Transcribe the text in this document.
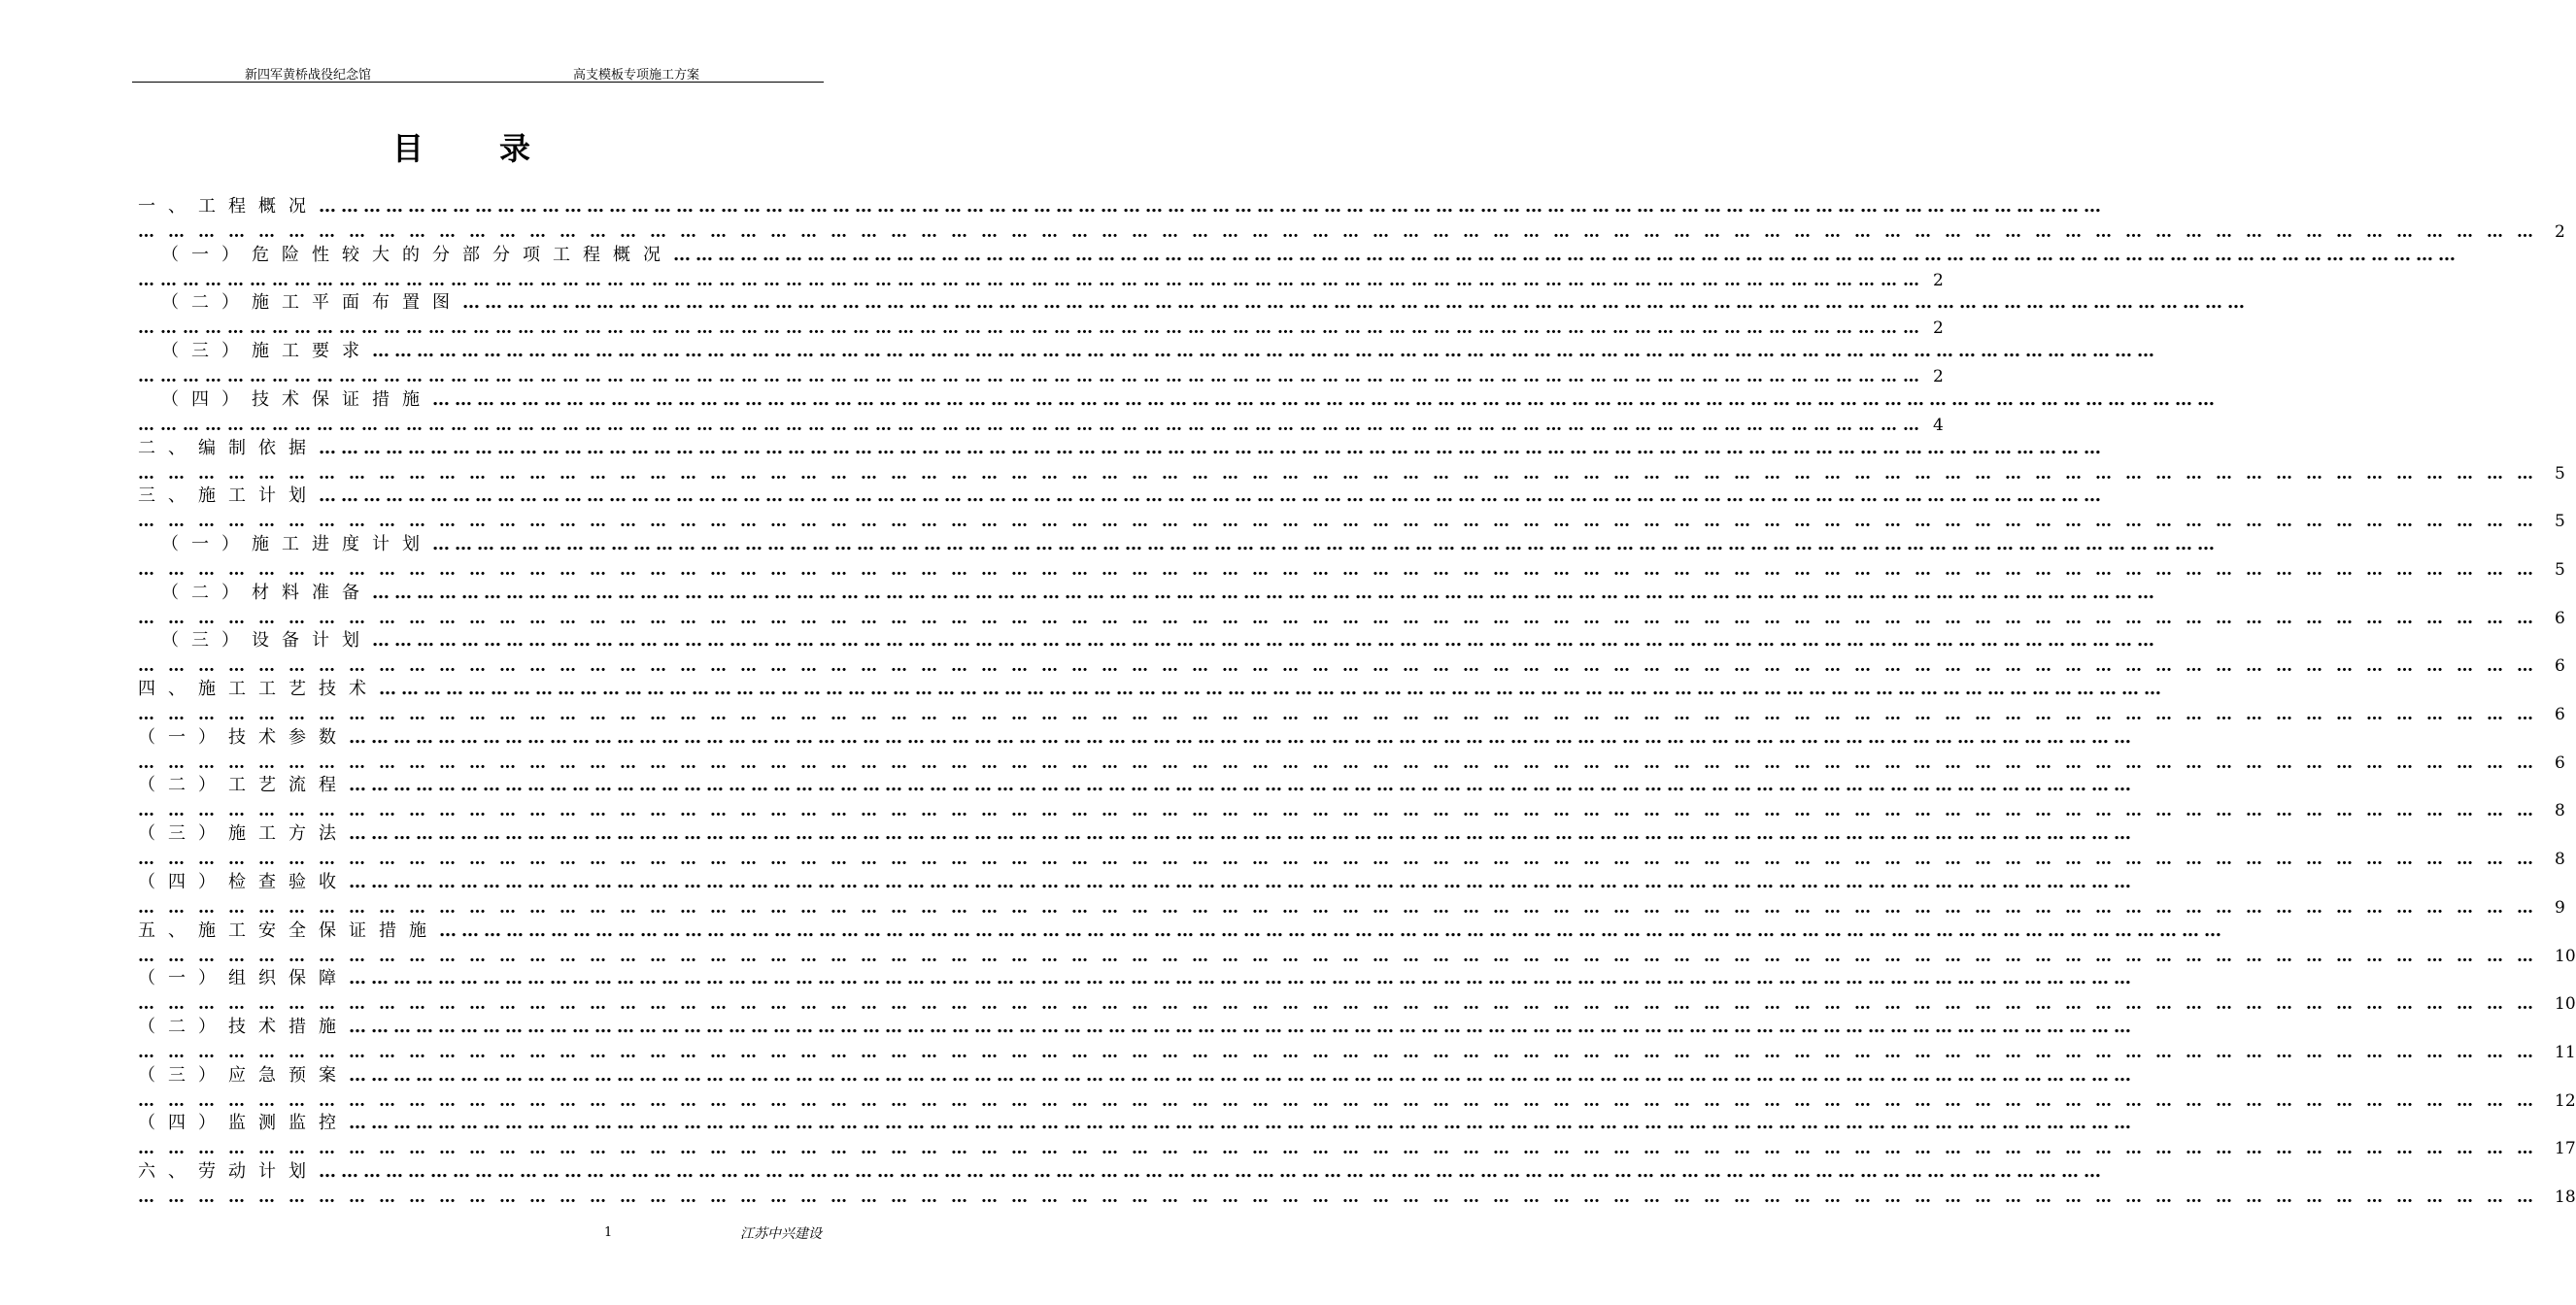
新四军黄桥战役纪念馆	高支模板专项施工方案
目录
一、工程概况 ……………………………………………………………………………………………………………………………………………………………………………………………………………………
…………………………………………………………………………………………………………………………………………………………………………………………………………………… 2
（一）危险性较大的分部分项工程概况 ……………………………………………………………………………………………………………………………………………………………………………………………………………………
…………………………………………………………………………………………………………………………………………………………………………………………………………………… 2
（二）施工平面布置图 ……………………………………………………………………………………………………………………………………………………………………………………………………………………
…………………………………………………………………………………………………………………………………………………………………………………………………………………… 2
（三）施工要求 ……………………………………………………………………………………………………………………………………………………………………………………………………………………
…………………………………………………………………………………………………………………………………………………………………………………………………………………… 2
（四）技术保证措施 ……………………………………………………………………………………………………………………………………………………………………………………………………………………
…………………………………………………………………………………………………………………………………………………………………………………………………………………… 4
二、编制依据 ……………………………………………………………………………………………………………………………………………………………………………………………………………………
…………………………………………………………………………………………………………………………………………………………………………………………………………………… 5
三、施工计划 ……………………………………………………………………………………………………………………………………………………………………………………………………………………
…………………………………………………………………………………………………………………………………………………………………………………………………………………… 5
（一）施工进度计划 ……………………………………………………………………………………………………………………………………………………………………………………………………………………
…………………………………………………………………………………………………………………………………………………………………………………………………………………… 5
（二）材料准备 ……………………………………………………………………………………………………………………………………………………………………………………………………………………
…………………………………………………………………………………………………………………………………………………………………………………………………………………… 6
（三）设备计划 ……………………………………………………………………………………………………………………………………………………………………………………………………………………
…………………………………………………………………………………………………………………………………………………………………………………………………………………… 6
四、施工工艺技术 ……………………………………………………………………………………………………………………………………………………………………………………………………………………
…………………………………………………………………………………………………………………………………………………………………………………………………………………… 6
（一）技术参数 ……………………………………………………………………………………………………………………………………………………………………………………………………………………
…………………………………………………………………………………………………………………………………………………………………………………………………………………… 6
（二）工艺流程 ……………………………………………………………………………………………………………………………………………………………………………………………………………………
…………………………………………………………………………………………………………………………………………………………………………………………………………………… 8
（三）施工方法 ……………………………………………………………………………………………………………………………………………………………………………………………………………………
…………………………………………………………………………………………………………………………………………………………………………………………………………………… 8
（四）检查验收 ……………………………………………………………………………………………………………………………………………………………………………………………………………………
…………………………………………………………………………………………………………………………………………………………………………………………………………………… 9
五、施工安全保证措施 ……………………………………………………………………………………………………………………………………………………………………………………………………………………
…………………………………………………………………………………………………………………………………………………………………………………………………………………… 10
（一）组织保障 ……………………………………………………………………………………………………………………………………………………………………………………………………………………
…………………………………………………………………………………………………………………………………………………………………………………………………………………… 10
（二）技术措施 ……………………………………………………………………………………………………………………………………………………………………………………………………………………
…………………………………………………………………………………………………………………………………………………………………………………………………………………… 11
（三）应急预案 ……………………………………………………………………………………………………………………………………………………………………………………………………………………
…………………………………………………………………………………………………………………………………………………………………………………………………………………… 12
（四）监测监控 ……………………………………………………………………………………………………………………………………………………………………………………………………………………
…………………………………………………………………………………………………………………………………………………………………………………………………………………… 17
六、劳动计划 ……………………………………………………………………………………………………………………………………………………………………………………………………………………
…………………………………………………………………………………………………………………………………………………………………………………………………………………… 18
1	江苏中兴建设
